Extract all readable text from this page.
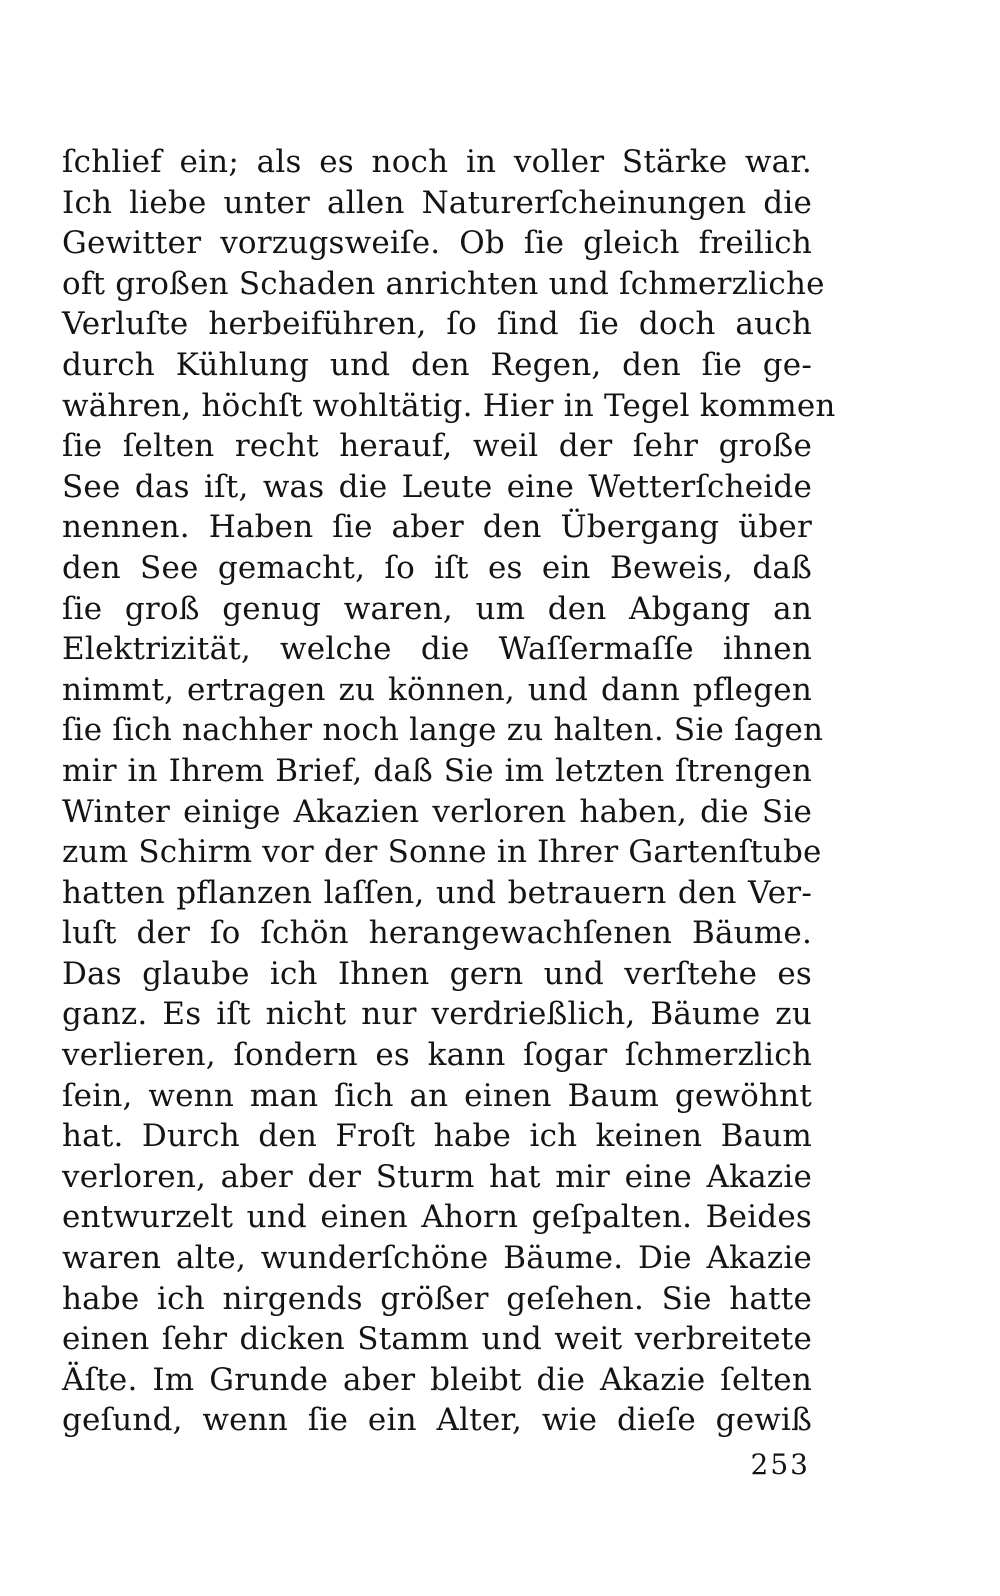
ſchlief ein; als es noch in voller Stärke war.
Ich liebe unter allen Naturerſcheinungen die
Gewitter vorzugsweiſe. Ob ſie gleich freilich
oft großen Schaden anrichten und ſchmerzliche
Verluſte herbeiführen, ſo ſind ſie doch auch
durch Kühlung und den Regen, den ſie ge-
währen, höchſt wohltätig. Hier in Tegel kommen
ſie ſelten recht herauf, weil der ſehr große
See das iſt, was die Leute eine Wetterſcheide
nennen. Haben ſie aber den Übergang über
den See gemacht, ſo iſt es ein Beweis, daß
ſie groß genug waren, um den Abgang an
Elektrizität, welche die Waſſermaſſe ihnen
nimmt, ertragen zu können, und dann pflegen
ſie ſich nachher noch lange zu halten. Sie ſagen
mir in Ihrem Brief, daß Sie im letzten ſtrengen
Winter einige Akazien verloren haben, die Sie
zum Schirm vor der Sonne in Ihrer Gartenſtube
hatten pflanzen laſſen, und betrauern den Ver-
luſt der ſo ſchön herangewachſenen Bäume.
Das glaube ich Ihnen gern und verſtehe es
ganz. Es iſt nicht nur verdrießlich, Bäume zu
verlieren, ſondern es kann ſogar ſchmerzlich
ſein, wenn man ſich an einen Baum gewöhnt
hat. Durch den Froſt habe ich keinen Baum
verloren, aber der Sturm hat mir eine Akazie
entwurzelt und einen Ahorn geſpalten. Beides
waren alte, wunderſchöne Bäume. Die Akazie
habe ich nirgends größer geſehen. Sie hatte
einen ſehr dicken Stamm und weit verbreitete
Äſte. Im Grunde aber bleibt die Akazie ſelten
geſund, wenn ſie ein Alter, wie dieſe gewiß
253
